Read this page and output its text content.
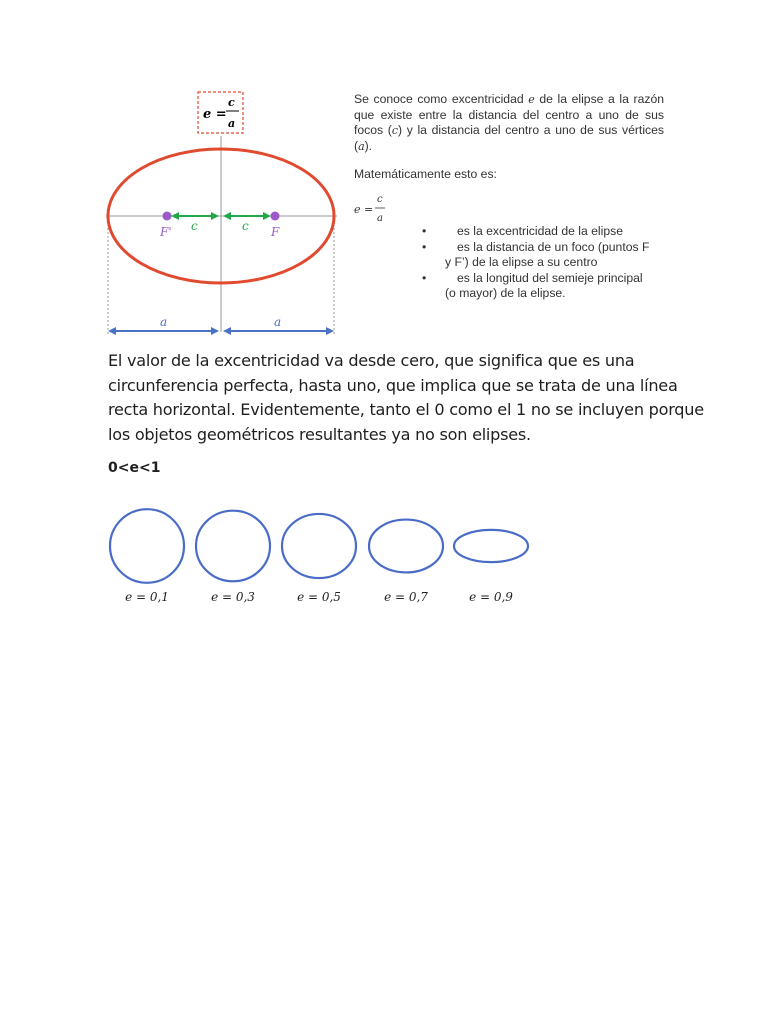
e =
c
a
F'	F
c	c
a	a
e =
c
a
e = 0,1	e = 0,3	e = 0,5	e = 0,7	e = 0,9
Se conoce como excentricidad e de la elipse a la razón
que existe entre la distancia del centro a uno de sus
focos (c) y la distancia del centro a uno de sus vértices
(a).
Matemáticamente esto es:
•	es la excentricidad de la elipse
•	es la distancia de un foco (puntos F
y F’) de la elipse a su centro
•	es la longitud del semieje principal
(o mayor) de la elipse.
El valor de la excentricidad va desde cero, que significa que es una
circunferencia perfecta, hasta uno, que implica que se trata de una línea
recta horizontal. Evidentemente, tanto el 0 como el 1 no se incluyen porque
los objetos geométricos resultantes ya no son elipses.
0<e<1
